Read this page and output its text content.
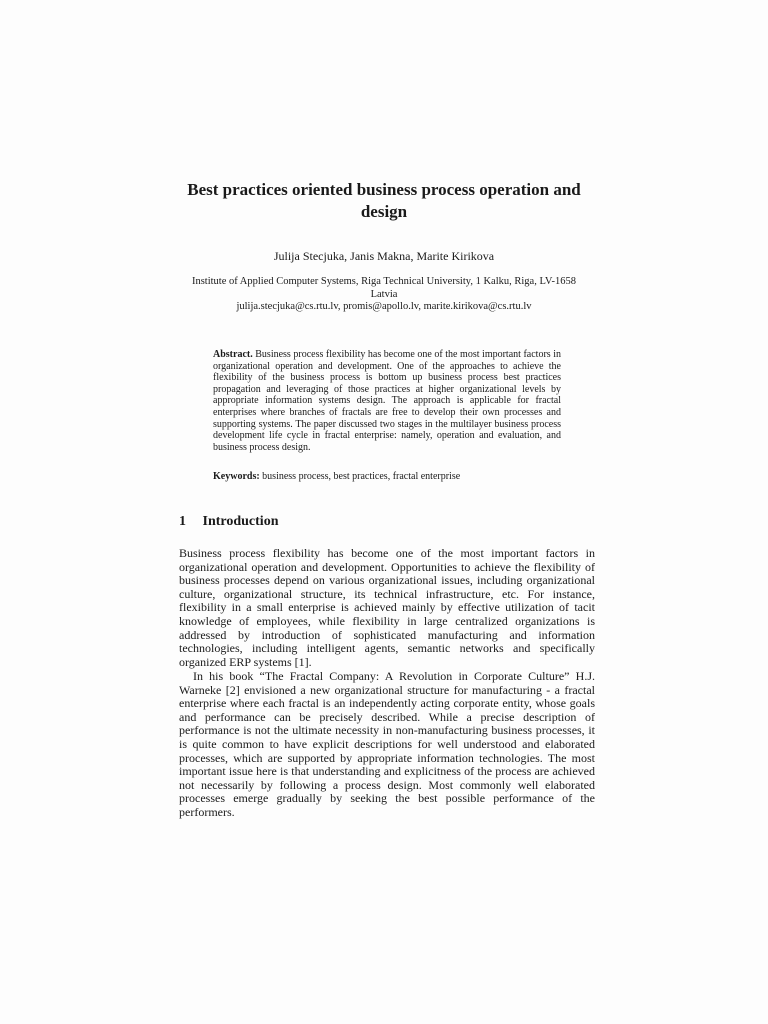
Best practices oriented business process operation and
design
Julija Stecjuka, Janis Makna, Marite Kirikova
Institute of Applied Computer Systems, Riga Technical University, 1 Kalku, Riga, LV-1658
Latvia
julija.stecjuka@cs.rtu.lv, promis@apollo.lv, marite.kirikova@cs.rtu.lv
Abstract. Business process flexibility has become one of the most important factors in organizational operation and development. One of the approaches to achieve the flexibility of the business process is bottom up business process best practices propagation and leveraging of those practices at higher organizational levels by appropriate information systems design. The approach is applicable for fractal enterprises where branches of fractals are free to develop their own processes and supporting systems. The paper discussed two stages in the multilayer business process development life cycle in fractal enterprise: namely, operation and evaluation, and business process design.
Keywords: business process, best practices, fractal enterprise
1 Introduction
Business process flexibility has become one of the most important factors in organizational operation and development. Opportunities to achieve the flexibility of business processes depend on various organizational issues, including organizational culture, organizational structure, its technical infrastructure, etc. For instance, flexibility in a small enterprise is achieved mainly by effective utilization of tacit knowledge of employees, while flexibility in large centralized organizations is addressed by introduction of sophisticated manufacturing and information technologies, including intelligent agents, semantic networks and specifically organized ERP systems [1].
In his book “The Fractal Company: A Revolution in Corporate Culture” H.J. Warneke [2] envisioned a new organizational structure for manufacturing - a fractal enterprise where each fractal is an independently acting corporate entity, whose goals and performance can be precisely described. While a precise description of performance is not the ultimate necessity in non-manufacturing business processes, it is quite common to have explicit descriptions for well understood and elaborated processes, which are supported by appropriate information technologies. The most important issue here is that understanding and explicitness of the process are achieved not necessarily by following a process design. Most commonly well elaborated processes emerge gradually by seeking the best possible performance of the performers.
